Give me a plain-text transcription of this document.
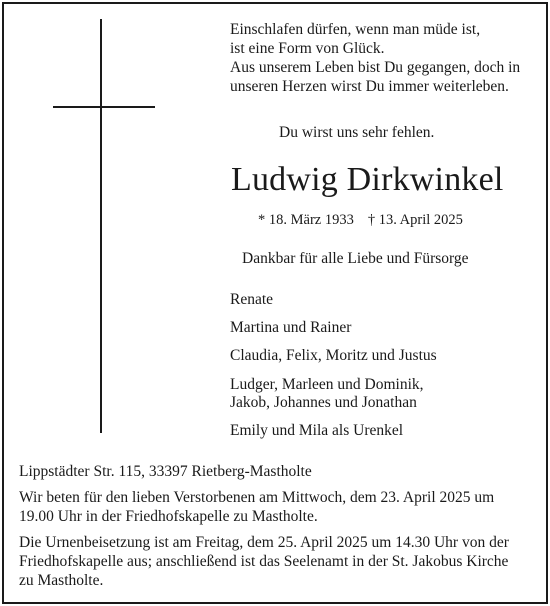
Einschlafen dürfen, wenn man müde ist,
ist eine Form von Glück.
Aus unserem Leben bist Du gegangen, doch in
unseren Herzen wirst Du immer weiterleben.
Du wirst uns sehr fehlen.
Ludwig Dirkwinkel
* 18. März 1933 † 13. April 2025
Dankbar für alle Liebe und Fürsorge
Renate
Martina und Rainer
Claudia, Felix, Moritz und Justus
Ludger, Marleen und Dominik,
Jakob, Johannes und Jonathan
Emily und Mila als Urenkel
Lippstädter Str. 115, 33397 Rietberg-Mastholte
Wir beten für den lieben Verstorbenen am Mittwoch, dem 23. April 2025 um
19.00 Uhr in der Friedhofskapelle zu Mastholte.
Die Urnenbeisetzung ist am Freitag, dem 25. April 2025 um 14.30 Uhr von der
Friedhofskapelle aus; anschließend ist das Seelenamt in der St. Jakobus Kirche
zu Mastholte.
